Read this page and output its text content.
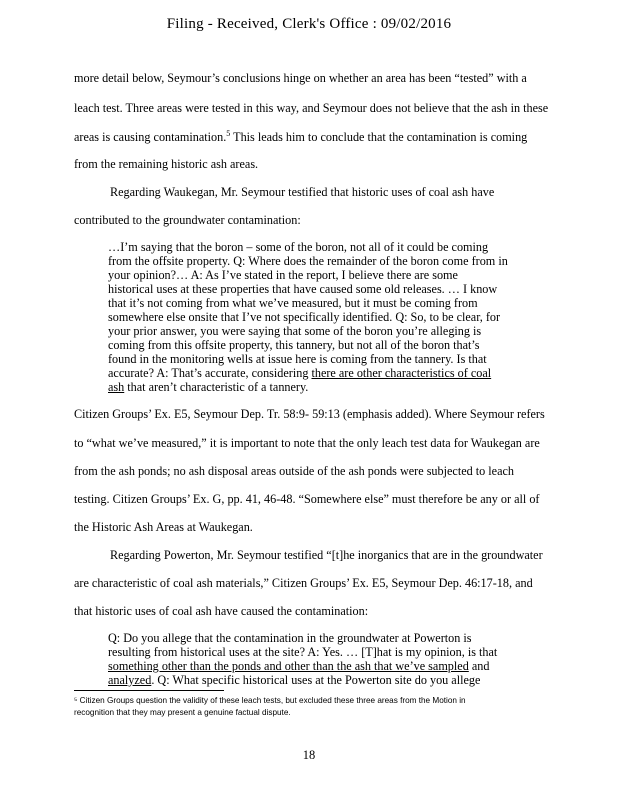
Filing - Received, Clerk's Office : 09/02/2016
more detail below, Seymour’s conclusions hinge on whether an area has been “tested” with a
leach test. Three areas were tested in this way, and Seymour does not believe that the ash in these
areas is causing contamination.$^5$ This leads him to conclude that the contamination is coming
from the remaining historic ash areas.
Regarding Waukegan, Mr. Seymour testified that historic uses of coal ash have
contributed to the groundwater contamination:
…I’m saying that the boron – some of the boron, not all of it could be coming
from the offsite property. Q: Where does the remainder of the boron come from in
your opinion?… A: As I’ve stated in the report, I believe there are some
historical uses at these properties that have caused some old releases. … I know
that it’s not coming from what we’ve measured, but it must be coming from
somewhere else onsite that I’ve not specifically identified. Q: So, to be clear, for
your prior answer, you were saying that some of the boron you’re alleging is
coming from this offsite property, this tannery, but not all of the boron that’s
found in the monitoring wells at issue here is coming from the tannery. Is that
accurate? A: That’s accurate, considering there are other characteristics of coal
ash that aren’t characteristic of a tannery.
Citizen Groups’ Ex. E5, Seymour Dep. Tr. 58:9- 59:13 (emphasis added). Where Seymour refers
to “what we’ve measured,” it is important to note that the only leach test data for Waukegan are
from the ash ponds; no ash disposal areas outside of the ash ponds were subjected to leach
testing. Citizen Groups’ Ex. G, pp. 41, 46-48. “Somewhere else” must therefore be any or all of
the Historic Ash Areas at Waukegan.
Regarding Powerton, Mr. Seymour testified “[t]he inorganics that are in the groundwater
are characteristic of coal ash materials,” Citizen Groups’ Ex. E5, Seymour Dep. 46:17-18, and
that historic uses of coal ash have caused the contamination:
Q: Do you allege that the contamination in the groundwater at Powerton is
resulting from historical uses at the site? A: Yes. … [T]hat is my opinion, is that
something other than the ponds and other than the ash that we’ve sampled and
analyzed. Q: What specific historical uses at the Powerton site do you allege
⁵ Citizen Groups question the validity of these leach tests, but excluded these three areas from the Motion in
recognition that they may present a genuine factual dispute.
18
